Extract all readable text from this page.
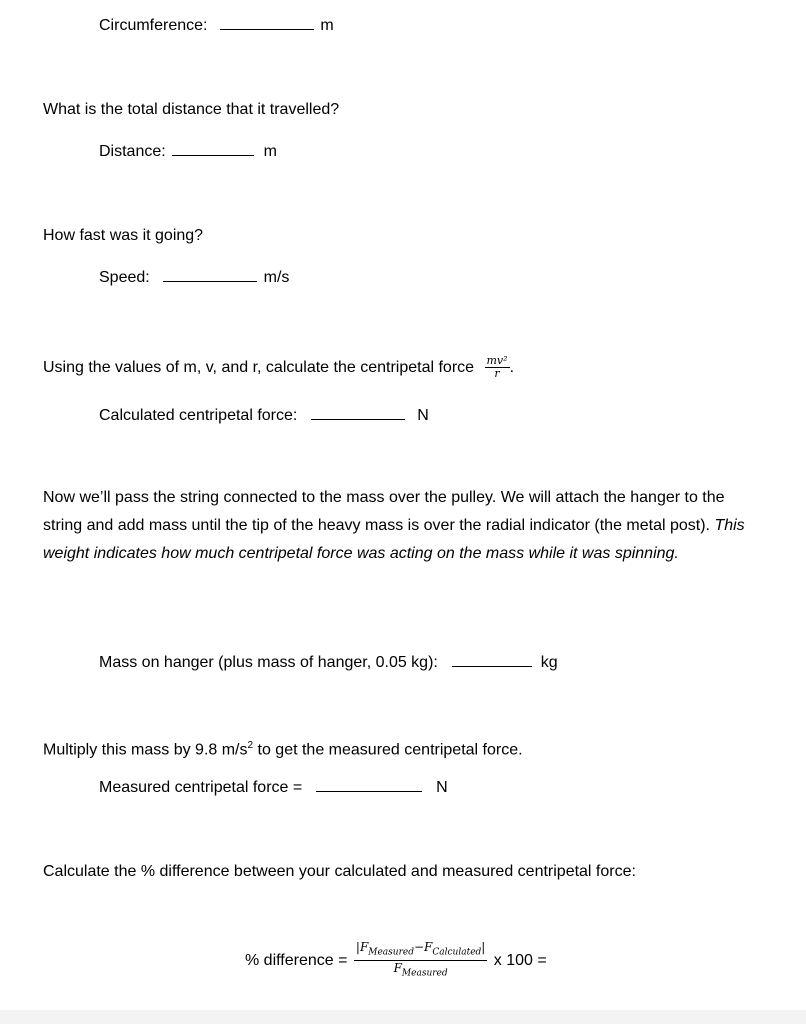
Circumference:	m
What is the total distance that it travelled?
Distance:	m
How fast was it going?
Speed:	m/s
Using the values of m, v, and r, calculate the centripetal force $\frac{\text{mv²}}{r}$ .
Calculated centripetal force:	N
Now we’ll pass the string connected to the mass over the pulley. We will attach the hanger to the string and add mass until the tip of the heavy mass is over the radial indicator (the metal post). This weight indicates how much centripetal force was acting on the mass while it was spinning.
Mass on hanger (plus mass of hanger, 0.05 kg):	kg
Multiply this mass by 9.8 $m/s^2$ to get the measured centripetal force.
Measured centripetal force =	N
Calculate the % difference between your calculated and measured centripetal force:
% difference = $\frac{|F_{Measured}-F_{Calculated}|}{F_{Measured}}$ x 100 =
